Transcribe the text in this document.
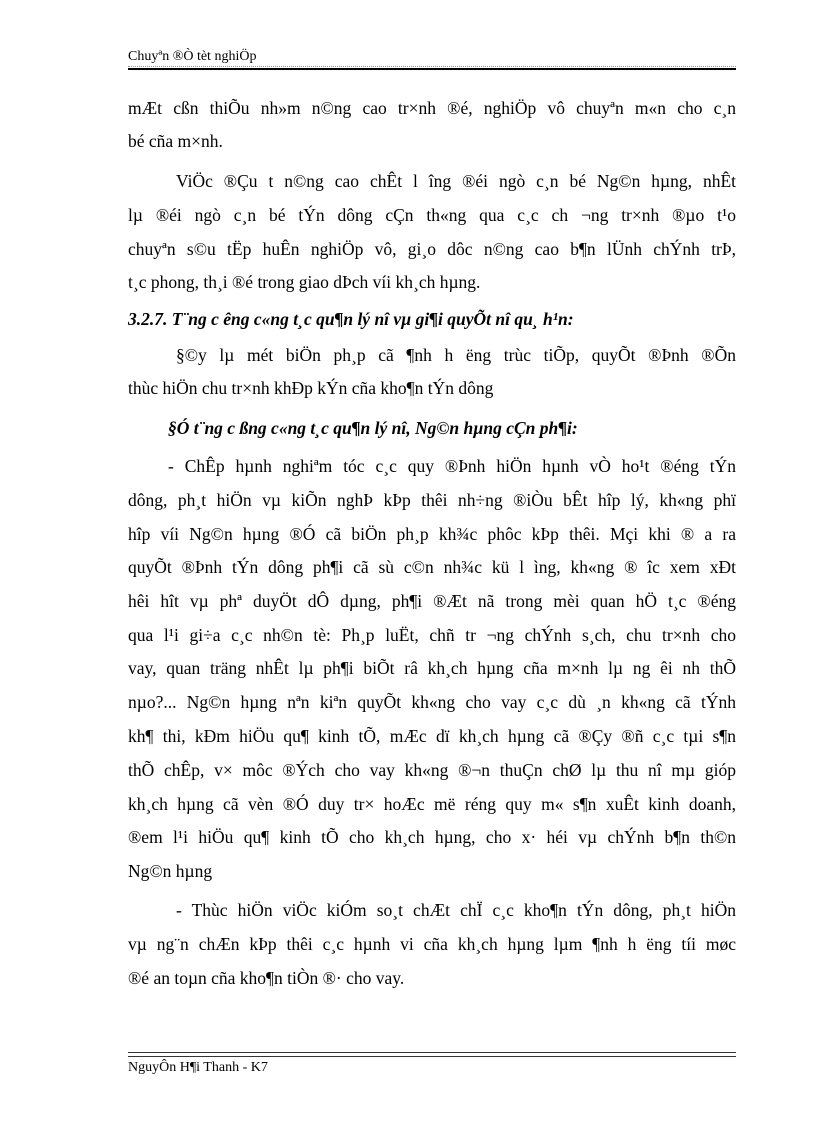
Chuyªn ®Ò tèt nghiÖp
mÆt cßn thiÕu nh»m n©ng cao tr×nh ®é, nghiÖp vô chuyªn m«n cho c¸n
bé cña m×nh.
ViÖc ®Çu t n©ng cao chÊt l îng ®éi ngò c¸n bé Ng©n hµng, nhÊt
lµ ®éi ngò c¸n bé tÝn dông cÇn th«ng qua c¸c ch ¬ng tr×nh ®µo t¹o
chuyªn s©u tËp huÊn nghiÖp vô, gi¸o dôc n©ng cao b¶n lÜnh chÝnh trÞ,
t¸c phong, th¸i ®é trong giao dÞch víi kh¸ch hµng.
3.2.7. T¨ng c êng c«ng t¸c qu¶n lý nî vµ gi¶i quyÕt nî qu¸ h¹n:
§©y lµ mét biÖn ph¸p cã ¶nh h ëng trùc tiÕp, quyÕt ®Þnh ®Õn
thùc hiÖn chu tr×nh khÐp kÝn cña kho¶n tÝn dông
§Ó t¨ng c ßng c«ng t¸c qu¶n lý nî, Ng©n hµng cÇn ph¶i:
- ChÊp hµnh nghiªm tóc c¸c quy ®Þnh hiÖn hµnh vÒ ho¹t ®éng tÝn
dông, ph¸t hiÖn vµ kiÕn nghÞ kÞp thêi nh÷ng ®iÒu bÊt hîp lý, kh«ng phï
hîp víi Ng©n hµng ®Ó cã biÖn ph¸p kh¾c phôc kÞp thêi. Mçi khi ® a ra
quyÕt ®Þnh tÝn dông ph¶i cã sù c©n nh¾c kü l ìng, kh«ng ® îc xem xÐt
hêi hît vµ phª duyÖt dÔ dµng, ph¶i ®Æt nã trong mèi quan hÖ t¸c ®éng
qua l¹i gi÷a c¸c nh©n tè: Ph¸p luËt, chñ tr ¬ng chÝnh s¸ch, chu tr×nh cho
vay, quan träng nhÊt lµ ph¶i biÕt râ kh¸ch hµng cña m×nh lµ ng êi nh thÕ
nµo?... Ng©n hµng nªn kiªn quyÕt kh«ng cho vay c¸c dù ¸n kh«ng cã tÝnh
kh¶ thi, kÐm hiÖu qu¶ kinh tÕ, mÆc dï kh¸ch hµng cã ®Çy ®ñ c¸c tµi s¶n
thÕ chÊp, v× môc ®Ých cho vay kh«ng ®¬n thuÇn chØ lµ thu nî mµ gióp
kh¸ch hµng cã vèn ®Ó duy tr× hoÆc më réng quy m« s¶n xuÊt kinh doanh,
®em l¹i hiÖu qu¶ kinh tÕ cho kh¸ch hµng, cho x· héi vµ chÝnh b¶n th©n
Ng©n hµng
- Thùc hiÖn viÖc kiÓm so¸t chÆt chÏ c¸c kho¶n tÝn dông, ph¸t hiÖn
vµ ng¨n chÆn kÞp thêi c¸c hµnh vi cña kh¸ch hµng lµm ¶nh h ëng tíi møc
®é an toµn cña kho¶n tiÒn ®· cho vay.
NguyÔn H¶i Thanh - K7
